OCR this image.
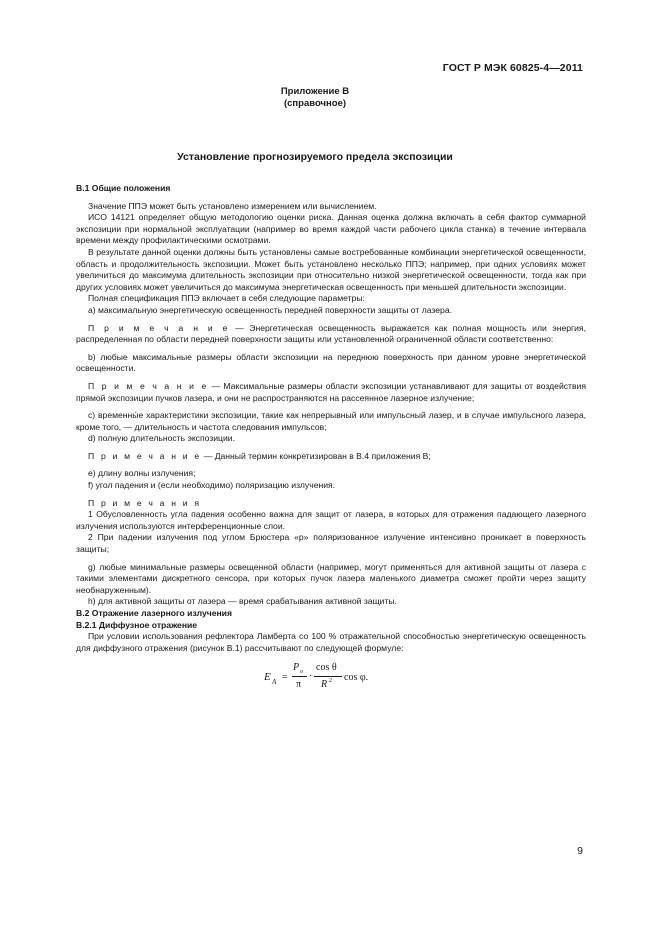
ГОСТ Р МЭК 60825-4—2011
Приложение В
(справочное)
Установление прогнозируемого предела экспозиции

В.1 Общие положения

Значение ППЭ может быть установлено измерением или вычислением.

ИСО 14121 определяет общую методологию оценки риска. Данная оценка должна включать в себя фактор суммарной экспозиции при нормальной эксплуатации (например во время каждой части рабочего цикла станка) в течение интервала времени между профилактическими осмотрами.

В результате данной оценки должны быть установлены самые востребованные комбинации энергетической освещенности, область и продолжительность экспозиции. Может быть установлено несколько ППЭ; например, при одних условиях может увеличиться до максимума длительность экспозиции при относительно низкой энергетической освещенности, тогда как при других условиях может увеличиться до максимума энергетическая освещенность при меньшей длительности экспозиции.

Полная спецификация ППЭ включает в себя следующие параметры:

а) максимальную энергетическую освещенность передней поверхности защиты от лазера.

П р и м е ч а н и е — Энергетическая освещенность выражается как полная мощность или энергия, распределенная по области передней поверхности защиты или установленной ограниченной области соответственно:

b) любые максимальные размеры области экспозиции на переднюю поверхность при данном уровне энергетической освещенности.

П р и м е ч а н и е — Максимальные размеры области экспозиции устанавливают для защиты от воздействия прямой экспозиции пучков лазера, и они не распространяются на рассеянное лазерное излучение;

с) временны́е характеристики экспозиции, такие как непрерывный или импульсный лазер, и в случае импульсного лазера, кроме того, — длительность и частота следования импульсов;

d) полную длительность экспозиции.

П р и м е ч а н и е — Данный термин конкретизирован в В.4 приложения В;

е) длину волны излучения;

f) угол падения и (если необходимо) поляризацию излучения.

П р и м е ч а н и я

1 Обусловленность угла падения особенно важна для защит от лазера, в которых для отражения падающего лазерного излучения используются интерференционные слои.

2 При падении излучения под углом Брюстера «р» поляризованное излучение интенсивно проникает в поверхность защиты;

g) любые минимальные размеры освещенной области (например, могут применяться для активной защиты от лазера с такими элементами дискретного сенсора, при которых пучок лазера маленького диаметра сможет пройти через защиту необнаруженным).

h) для активной защиты от лазера — время срабатывания активной защиты.

В.2 Отражение лазерного излучения

В.2.1 Диффузное отражение

При условии использования рефлектора Ламберта со 100 % отражательной способностью энергетическую освещенность для диффузного отражения (рисунок В.1) рассчитывают по следующей формуле:

E A =
P o
π
·
cos θ
R 2 cos φ.
9
